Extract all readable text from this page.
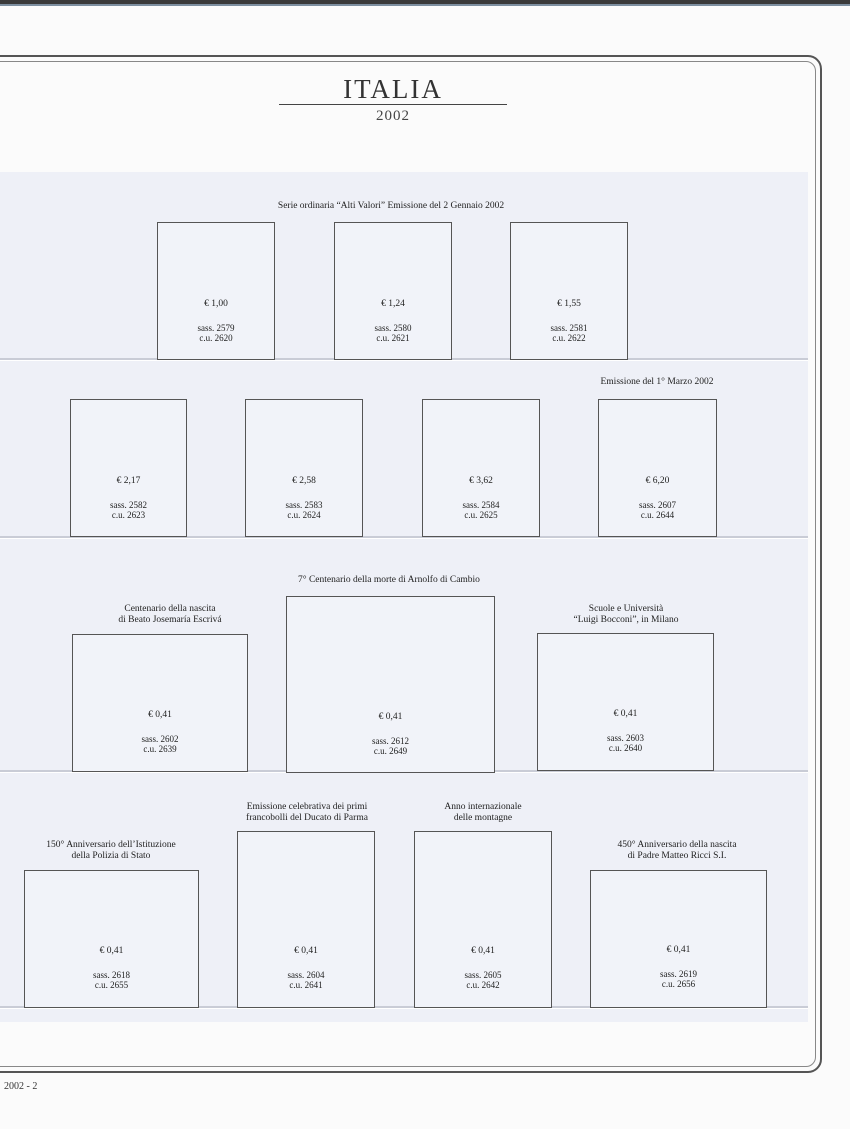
ITALIA
2002
Serie ordinaria “Alti Valori” Emissione del 2 Gennaio 2002
Emissione del 1° Marzo 2002
7° Centenario della morte di Arnolfo di Cambio
Centenario della nascita
di Beato Josemaría Escrivá
Scuole e Università
“Luigi Bocconi”, in Milano
Emissione celebrativa dei primi
francobolli del Ducato di Parma
Anno internazionale
delle montagne
150° Anniversario dell’Istituzione
della Polizia di Stato
450° Anniversario della nascita
di Padre Matteo Ricci S.I.
€ 1,00
sass. 2579
c.u. 2620
€ 1,24
sass. 2580
c.u. 2621
€ 1,55
sass. 2581
c.u. 2622
€ 2,17
sass. 2582
c.u. 2623
€ 2,58
sass. 2583
c.u. 2624
€ 3,62
sass. 2584
c.u. 2625
€ 6,20
sass. 2607
c.u. 2644
€ 0,41
sass. 2602
c.u. 2639
€ 0,41
sass. 2612
c.u. 2649
€ 0,41
sass. 2603
c.u. 2640
€ 0,41
sass. 2618
c.u. 2655
€ 0,41
sass. 2604
c.u. 2641
€ 0,41
sass. 2605
c.u. 2642
€ 0,41
sass. 2619
c.u. 2656
2002 - 2
